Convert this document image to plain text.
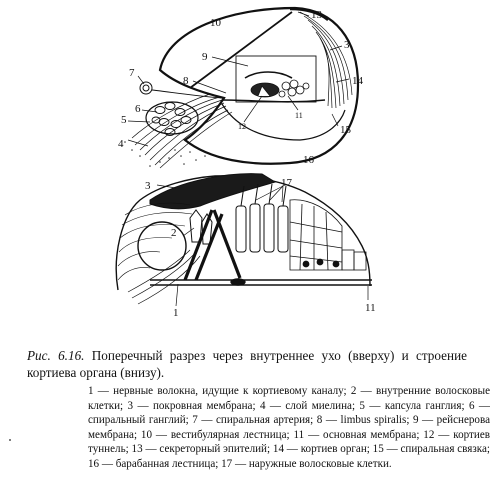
10
13
3
9
7
8	14
6
5
12
11
15
4
16
3	17
2
1	11

Рис. 6.16. Поперечный разрез через внутреннее ухо (вверху) и строение кортиева органа (внизу).

1 — нервные волокна, идущие к кортиевому каналу; 2 — внутренние волосковые клетки; 3 — покровная мембрана; 4 — слой миелина; 5 — капсула ганглия; 6 — спиральный ганглий; 7 — спиральная артерия; 8 — limbus spiralis; 9 — рейснерова мембрана; 10 — вестибулярная лестница; 11 — основная мембрана; 12 — кортиев туннель; 13 — секреторный эпителий; 14 — кортиев орган; 15 — спиральная связка; 16 — барабанная лестница; 17 — наружные волосковые клетки.
